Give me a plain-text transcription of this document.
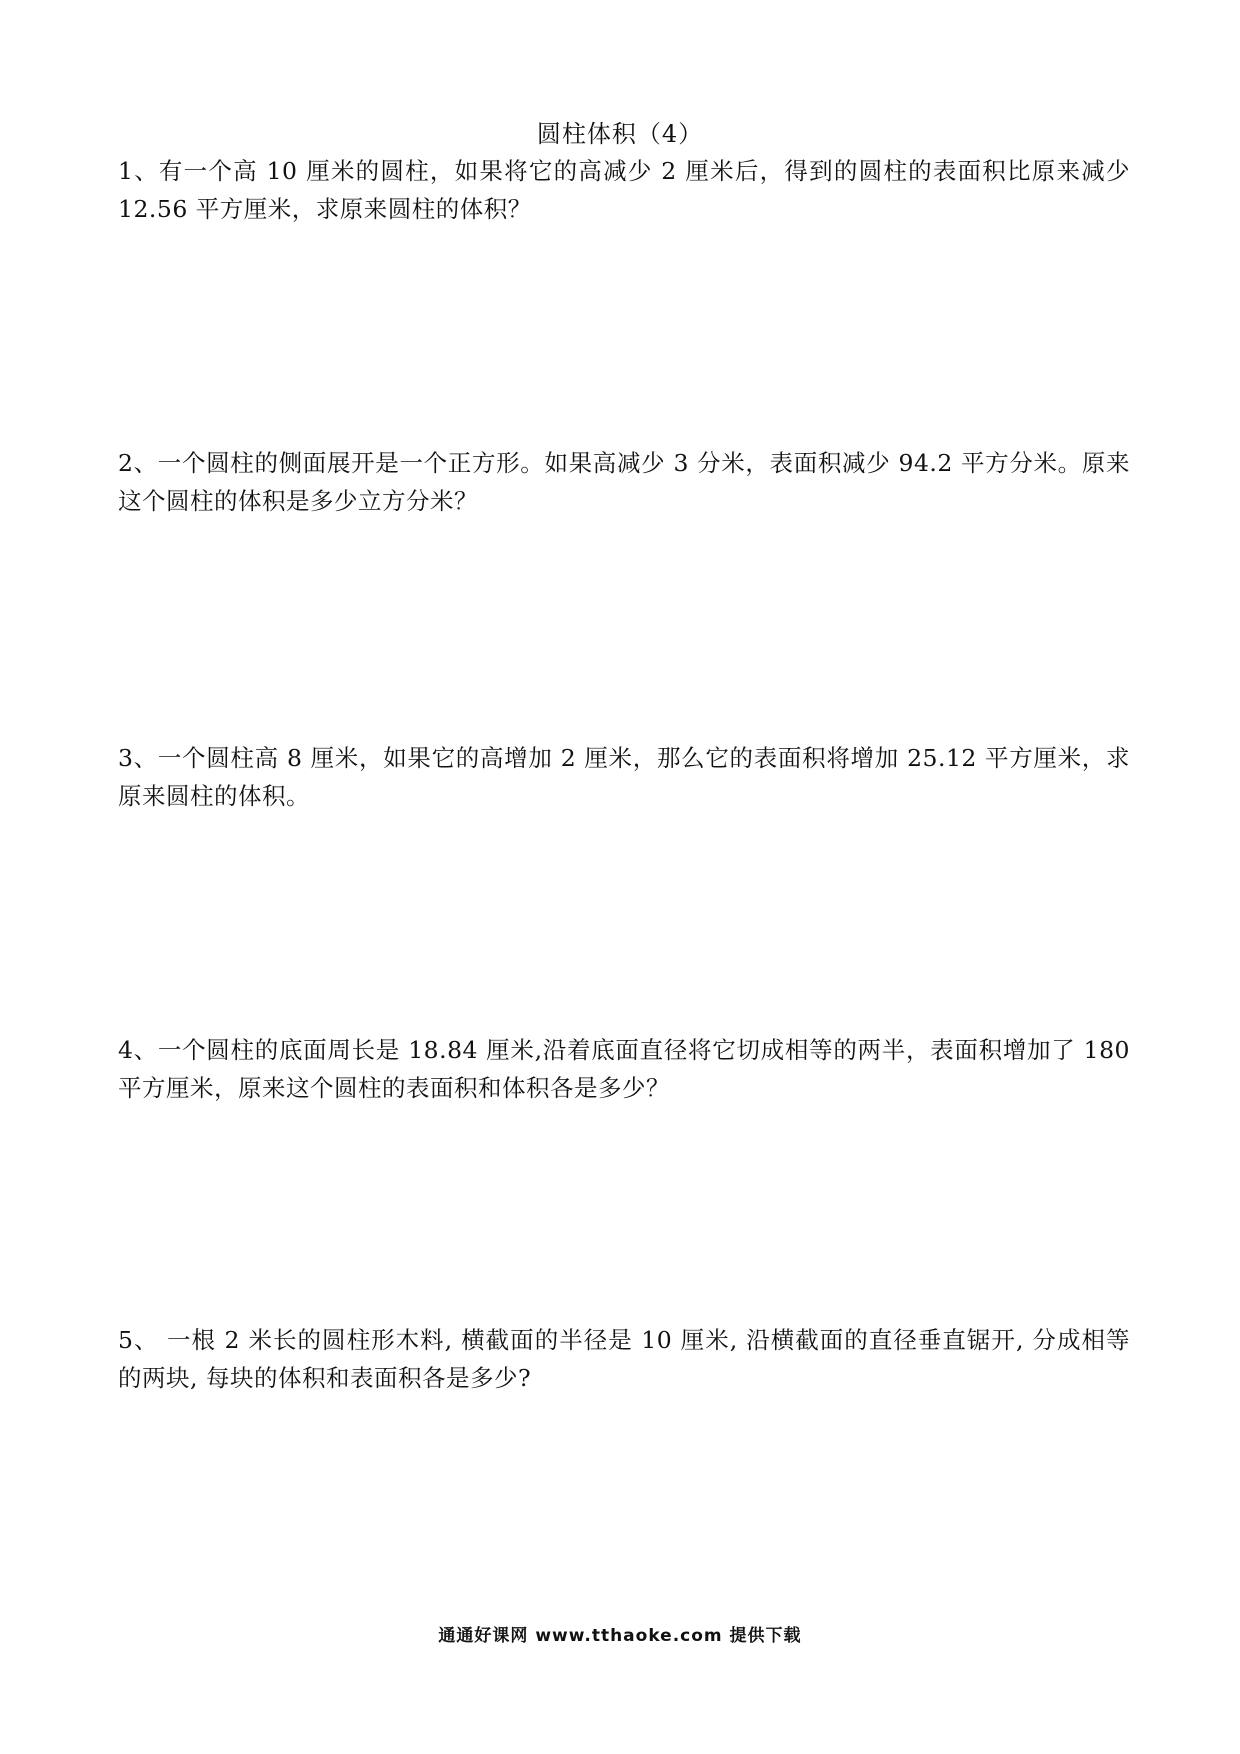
圆柱体积（4）
1、有一个高 10 厘米的圆柱，如果将它的高减少 2 厘米后，得到的圆柱的表面积比原来减少 12.56 平方厘米，求原来圆柱的体积？
2、一个圆柱的侧面展开是一个正方形。如果高减少 3 分米，表面积减少 94.2 平方分米。原来这个圆柱的体积是多少立方分米？
3、一个圆柱高 8 厘米，如果它的高增加 2 厘米，那么它的表面积将增加 25.12 平方厘米，求原来圆柱的体积。
4、一个圆柱的底面周长是 18.84 厘米,沿着底面直径将它切成相等的两半，表面积增加了 180 平方厘米，原来这个圆柱的表面积和体积各是多少？
5、 一根 2 米长的圆柱形木料, 横截面的半径是 10 厘米, 沿横截面的直径垂直锯开, 分成相等的两块, 每块的体积和表面积各是多少?
通通好课网 www.tthaoke.com 提供下载
